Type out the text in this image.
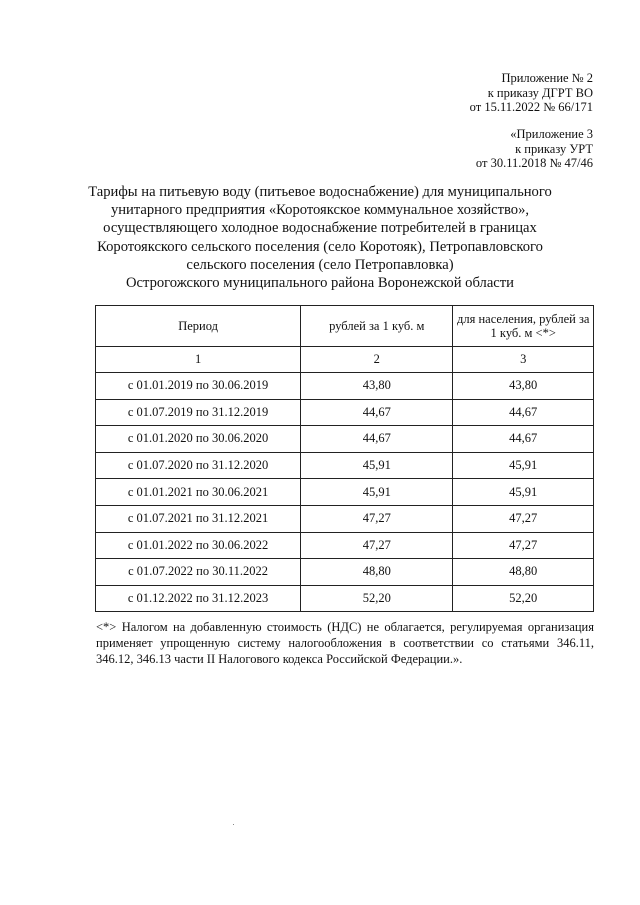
Приложение № 2
к приказу ДГРТ ВО
от 15.11.2022 № 66/171
«Приложение 3
к приказу УРТ
от 30.11.2018 № 47/46
Тарифы на питьевую воду (питьевое водоснабжение) для муниципального
унитарного предприятия «Коротоякское коммунальное хозяйство»,
осуществляющего холодное водоснабжение потребителей в границах
Коротоякского сельского поселения (село Коротояк), Петропавловского
сельского поселения (село Петропавловка)
Острогожского муниципального района Воронежской области
Период	рублей за 1 куб. м	для населения, рублей за
1 куб. м <*>

1	2	3
с 01.01.2019 по 30.06.2019	43,80	43,80
с 01.07.2019 по 31.12.2019	44,67	44,67
с 01.01.2020 по 30.06.2020	44,67	44,67
с 01.07.2020 по 31.12.2020	45,91	45,91
с 01.01.2021 по 30.06.2021	45,91	45,91
с 01.07.2021 по 31.12.2021	47,27	47,27
с 01.01.2022 по 30.06.2022	47,27	47,27
с 01.07.2022 по 30.11.2022	48,80	48,80
с 01.12.2022 по 31.12.2023	52,20	52,20
<*> Налогом на добавленную стоимость (НДС) не облагается, регулируемая организация применяет упрощенную систему налогообложения в соответствии со статьями 346.11, 346.12, 346.13 части II Налогового кодекса Российской Федерации.».
